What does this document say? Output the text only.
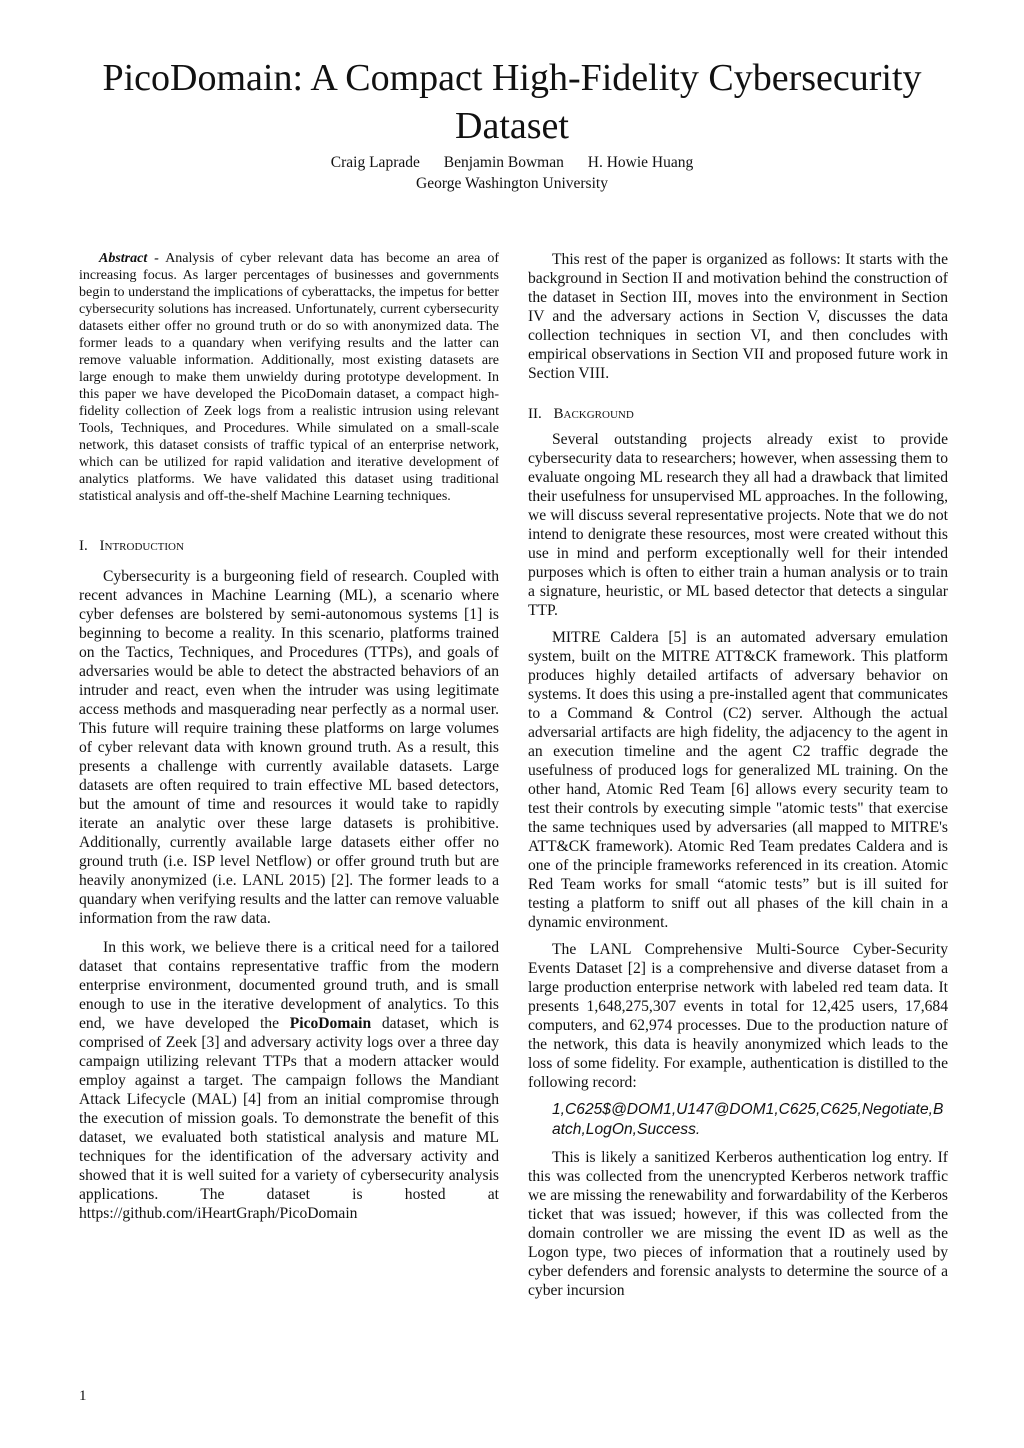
PicoDomain: A Compact High-Fidelity Cybersecurity Dataset
Craig Laprade Benjamin Bowman H. Howie Huang
George Washington University

Abstract - Analysis of cyber relevant data has become an area of increasing focus. As larger percentages of businesses and governments begin to understand the implications of cyberattacks, the impetus for better cybersecurity solutions has increased. Unfortunately, current cybersecurity datasets either offer no ground truth or do so with anonymized data. The former leads to a quandary when verifying results and the latter can remove valuable information. Additionally, most existing datasets are large enough to make them unwieldy during prototype development. In this paper we have developed the PicoDomain dataset, a compact high-fidelity collection of Zeek logs from a realistic intrusion using relevant Tools, Techniques, and Procedures. While simulated on a small-scale network, this dataset consists of traffic typical of an enterprise network, which can be utilized for rapid validation and iterative development of analytics platforms. We have validated this dataset using traditional statistical analysis and off-the-shelf Machine Learning techniques.

I. Introduction

Cybersecurity is a burgeoning field of research. Coupled with recent advances in Machine Learning (ML), a scenario where cyber defenses are bolstered by semi-autonomous systems [1] is beginning to become a reality. In this scenario, platforms trained on the Tactics, Techniques, and Procedures (TTPs), and goals of adversaries would be able to detect the abstracted behaviors of an intruder and react, even when the intruder was using legitimate access methods and masquerading near perfectly as a normal user. This future will require training these platforms on large volumes of cyber relevant data with known ground truth. As a result, this presents a challenge with currently available datasets. Large datasets are often required to train effective ML based detectors, but the amount of time and resources it would take to rapidly iterate an analytic over these large datasets is prohibitive. Additionally, currently available large datasets either offer no ground truth (i.e. ISP level Netflow) or offer ground truth but are heavily anonymized (i.e. LANL 2015) [2]. The former leads to a quandary when verifying results and the latter can remove valuable information from the raw data.

In this work, we believe there is a critical need for a tailored dataset that contains representative traffic from the modern enterprise environment, documented ground truth, and is small enough to use in the iterative development of analytics. To this end, we have developed the PicoDomain dataset, which is comprised of Zeek [3] and adversary activity logs over a three day campaign utilizing relevant TTPs that a modern attacker would employ against a target. The campaign follows the Mandiant Attack Lifecycle (MAL) [4] from an initial compromise through the execution of mission goals. To demonstrate the benefit of this dataset, we evaluated both statistical analysis and mature ML techniques for the identification of the adversary activity and showed that it is well suited for a variety of cybersecurity analysis applications. The dataset is hosted at https://github.com/iHeartGraph/PicoDomain

This rest of the paper is organized as follows: It starts with the background in Section II and motivation behind the construction of the dataset in Section III, moves into the environment in Section IV and the adversary actions in Section V, discusses the data collection techniques in section VI, and then concludes with empirical observations in Section VII and proposed future work in Section VIII.

II. Background

Several outstanding projects already exist to provide cybersecurity data to researchers; however, when assessing them to evaluate ongoing ML research they all had a drawback that limited their usefulness for unsupervised ML approaches. In the following, we will discuss several representative projects. Note that we do not intend to denigrate these resources, most were created without this use in mind and perform exceptionally well for their intended purposes which is often to either train a human analysis or to train a signature, heuristic, or ML based detector that detects a singular TTP.

MITRE Caldera [5] is an automated adversary emulation system, built on the MITRE ATT&CK framework. This platform produces highly detailed artifacts of adversary behavior on systems. It does this using a pre-installed agent that communicates to a Command & Control (C2) server. Although the actual adversarial artifacts are high fidelity, the adjacency to the agent in an execution timeline and the agent C2 traffic degrade the usefulness of produced logs for generalized ML training. On the other hand, Atomic Red Team [6] allows every security team to test their controls by executing simple "atomic tests" that exercise the same techniques used by adversaries (all mapped to MITRE's ATT&CK framework). Atomic Red Team predates Caldera and is one of the principle frameworks referenced in its creation. Atomic Red Team works for small “atomic tests” but is ill suited for testing a platform to sniff out all phases of the kill chain in a dynamic environment.

The LANL Comprehensive Multi-Source Cyber-Security Events Dataset [2] is a comprehensive and diverse dataset from a large production enterprise network with labeled red team data. It presents 1,648,275,307 events in total for 12,425 users, 17,684 computers, and 62,974 processes. Due to the production nature of the network, this data is heavily anonymized which leads to the loss of some fidelity. For example, authentication is distilled to the following record:

1,C625$@DOM1,U147@DOM1,C625,C625,Negotiate,Batch,LogOn,Success.

This is likely a sanitized Kerberos authentication log entry. If this was collected from the unencrypted Kerberos network traffic we are missing the renewability and forwardability of the Kerberos ticket that was issued; however, if this was collected from the domain controller we are missing the event ID as well as the Logon type, two pieces of information that a routinely used by cyber defenders and forensic analysts to determine the source of a cyber incursion

1
